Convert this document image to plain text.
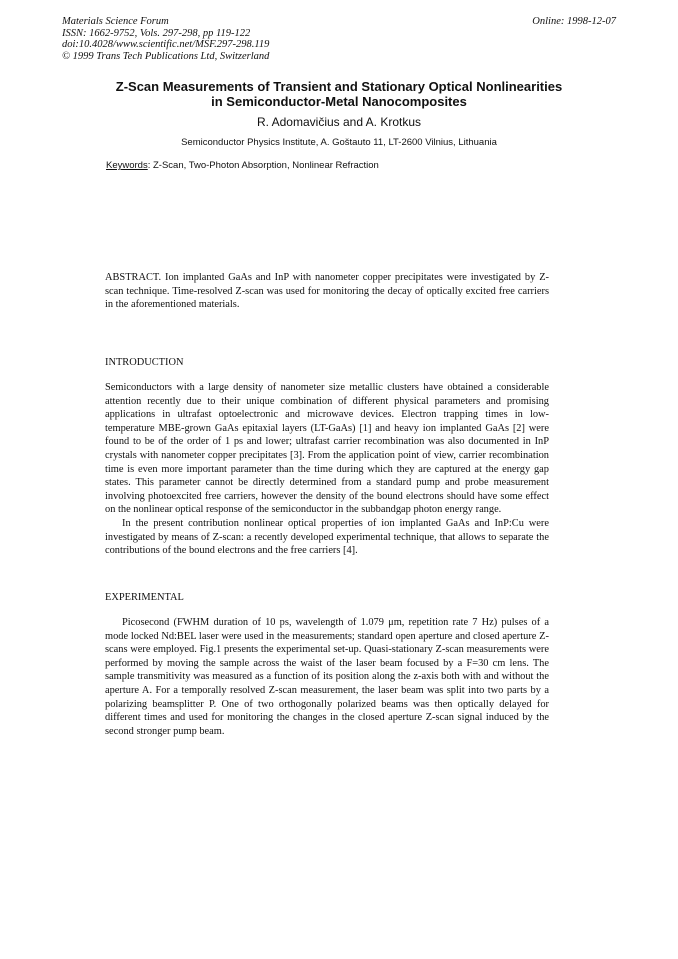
Materials Science Forum
ISSN: 1662-9752, Vols. 297-298, pp 119-122
doi:10.4028/www.scientific.net/MSF.297-298.119
© 1999 Trans Tech Publications Ltd, Switzerland
Online: 1998-12-07
Z-Scan Measurements of Transient and Stationary Optical Nonlinearities
in Semiconductor-Metal Nanocomposites
R. Adomavičius and A. Krotkus
Semiconductor Physics Institute, A. Goštauto 11, LT-2600 Vilnius, Lithuania
Keywords: Z-Scan, Two-Photon Absorption, Nonlinear Refraction

ABSTRACT. Ion implanted GaAs and InP with nanometer copper precipitates were investigated by Z-scan technique. Time-resolved Z-scan was used for monitoring the decay of optically excited free carriers in the aforementioned materials.

INTRODUCTION

Semiconductors with a large density of nanometer size metallic clusters have obtained a considerable attention recently due to their unique combination of different physical parameters and promising applications in ultrafast optoelectronic and microwave devices. Electron trapping times in low-temperature MBE-grown GaAs epitaxial layers (LT-GaAs) [1] and heavy ion implanted GaAs [2] were found to be of the order of 1 ps and lower; ultrafast carrier recombination was also documented in InP crystals with nanometer copper precipitates [3]. From the application point of view, carrier recombination time is even more important parameter than the time during which they are captured at the energy gap states. This parameter cannot be directly determined from a standard pump and probe measurement involving photoexcited free carriers, however the density of the bound electrons should have some effect on the nonlinear optical response of the semiconductor in the subbandgap photon energy range.

In the present contribution nonlinear optical properties of ion implanted GaAs and InP:Cu were investigated by means of Z-scan: a recently developed experimental technique, that allows to separate the contributions of the bound electrons and the free carriers [4].

EXPERIMENTAL

Picosecond (FWHM duration of 10 ps, wavelength of 1.079 μm, repetition rate 7 Hz) pulses of a mode locked Nd:BEL laser were used in the measurements; standard open aperture and closed aperture Z-scans were employed. Fig.1 presents the experimental set-up. Quasi-stationary Z-scan measurements were performed by moving the sample across the waist of the laser beam focused by a F=30 cm lens. The sample transmitivity was measured as a function of its position along the z-axis both with and without the aperture A. For a temporally resolved Z-scan measurement, the laser beam was split into two parts by a polarizing beamsplitter P. One of two orthogonally polarized beams was then optically delayed for different times and used for monitoring the changes in the closed aperture Z-scan signal induced by the second stronger pump beam.
